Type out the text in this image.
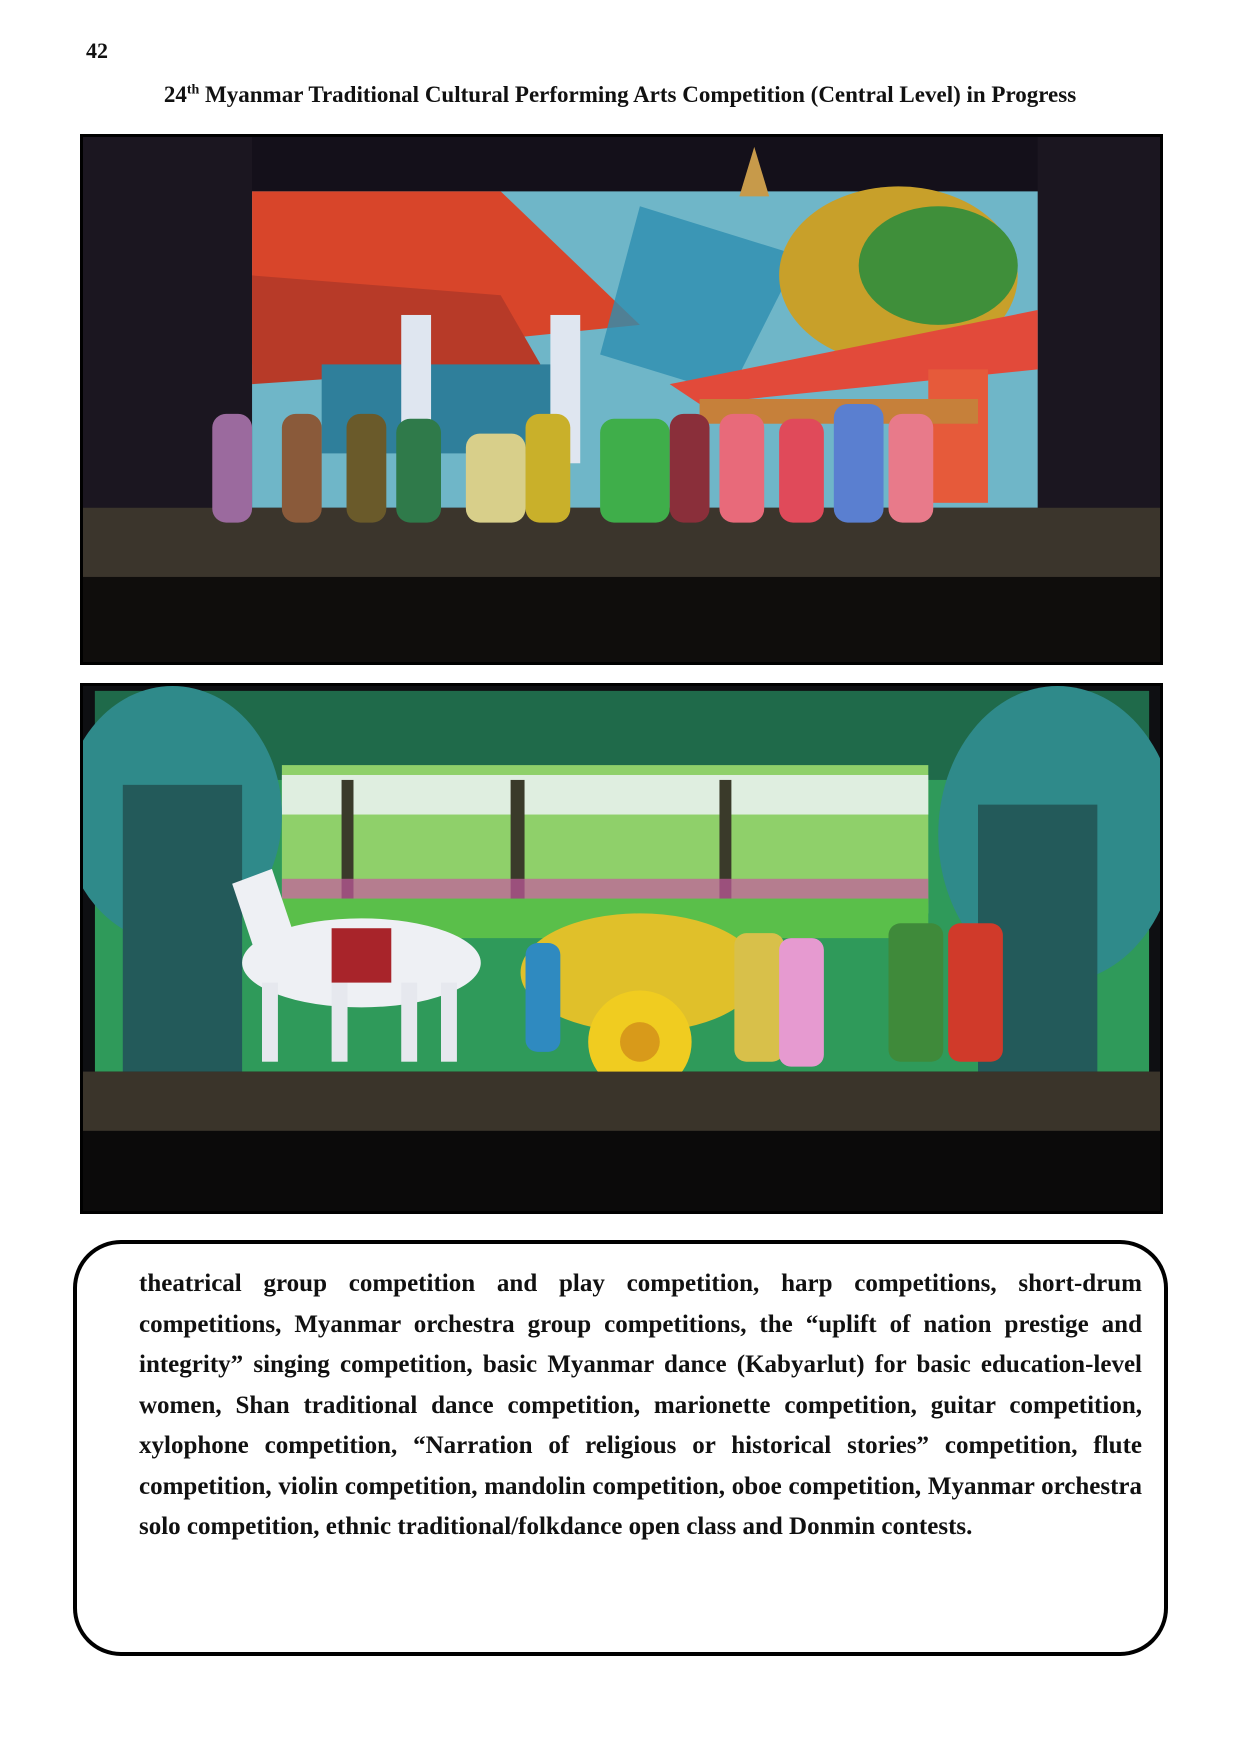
42
24th Myanmar Traditional Cultural Performing Arts Competition (Central Level) in Progress
theatrical group competition and play competition, harp competitions, short-drum competitions, Myanmar orchestra group competitions, the “uplift of nation prestige and integrity” singing competition, basic Myanmar dance (Kabyarlut) for basic education-level women, Shan traditional dance competition, marionette competition, guitar competition, xylophone competition, “Narration of religious or historical stories” competition, flute competition, violin competition, mandolin competition, oboe competition, Myanmar orchestra solo competition, ethnic traditional/folkdance open class and Donmin contests.
